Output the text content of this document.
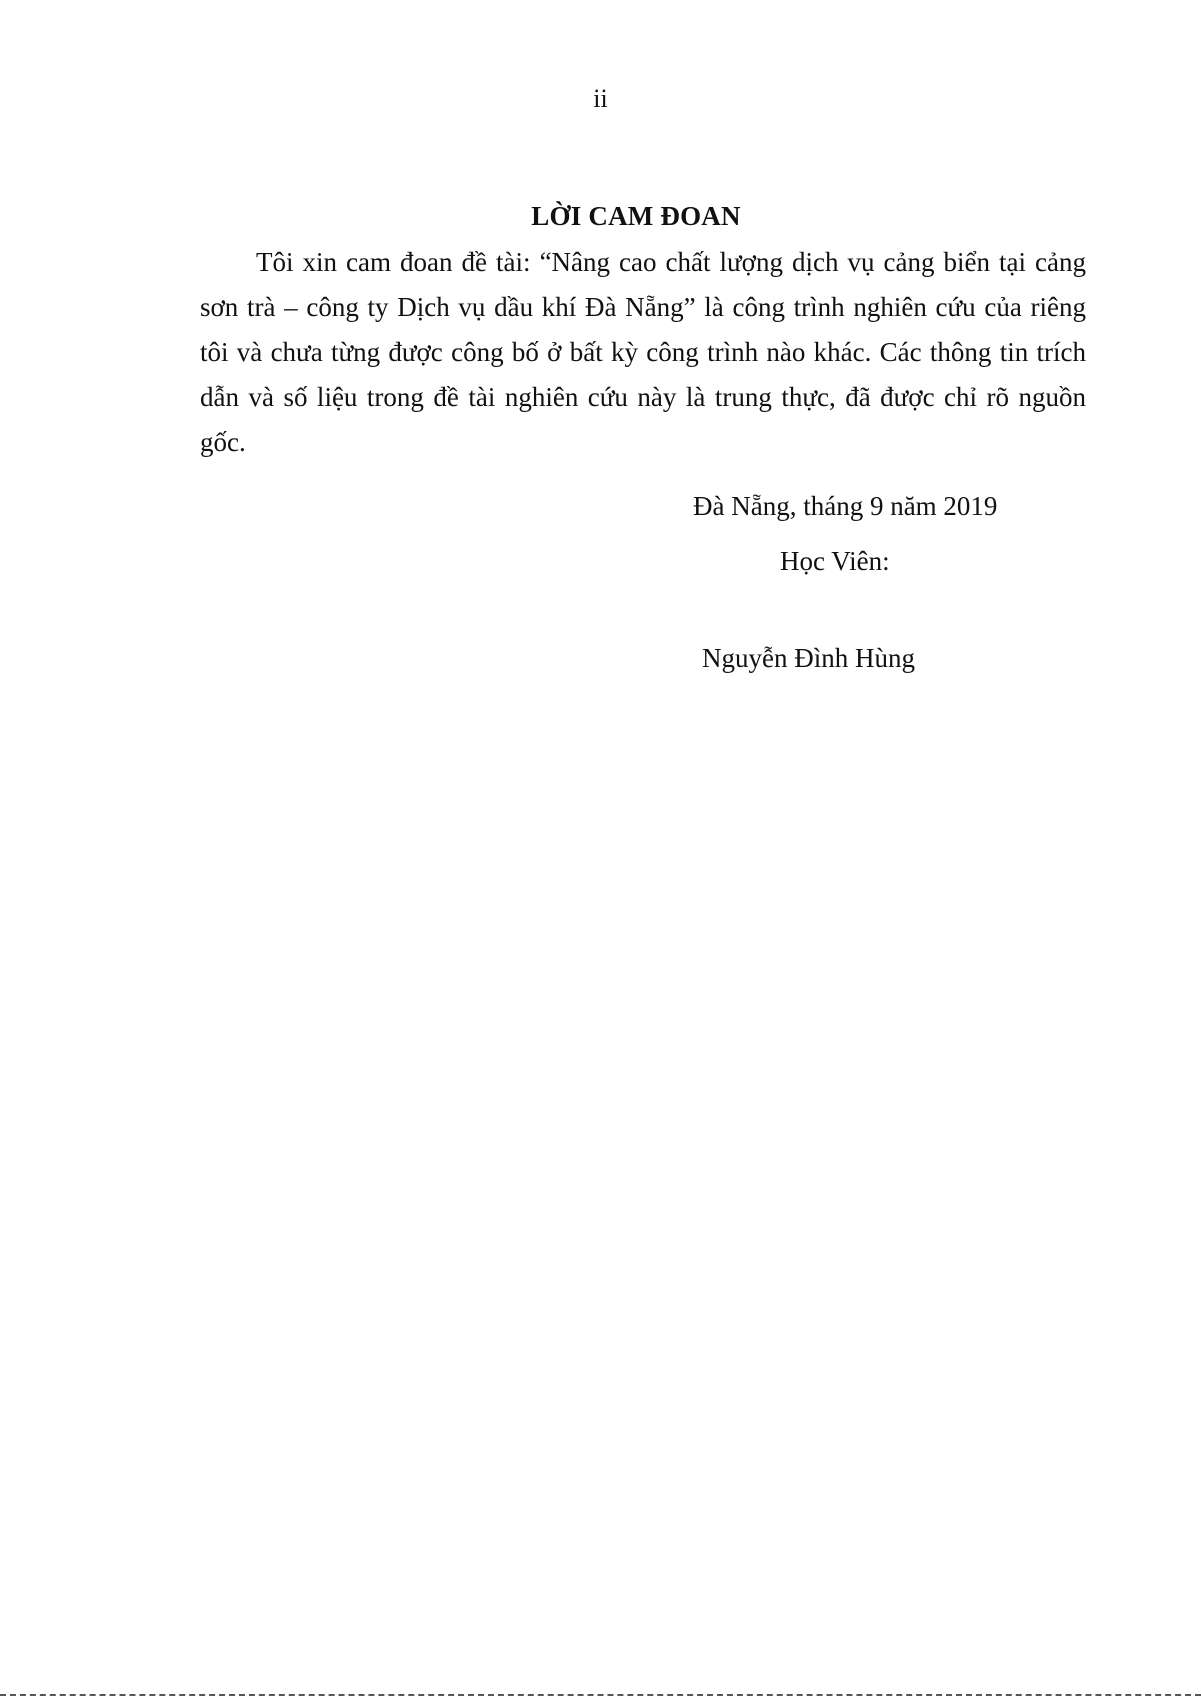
ii
LỜI CAM ĐOAN

Tôi xin cam đoan đề tài: “Nâng cao chất lượng dịch vụ cảng biển tại cảng sơn trà – công ty Dịch vụ dầu khí Đà Nẵng” là công trình nghiên cứu của riêng tôi và chưa từng được công bố ở bất kỳ công trình nào khác. Các thông tin trích dẫn và số liệu trong đề tài nghiên cứu này là trung thực, đã được chỉ rõ nguồn gốc.

Đà Nẵng, tháng 9 năm 2019
Học Viên:
Nguyễn Đình Hùng
